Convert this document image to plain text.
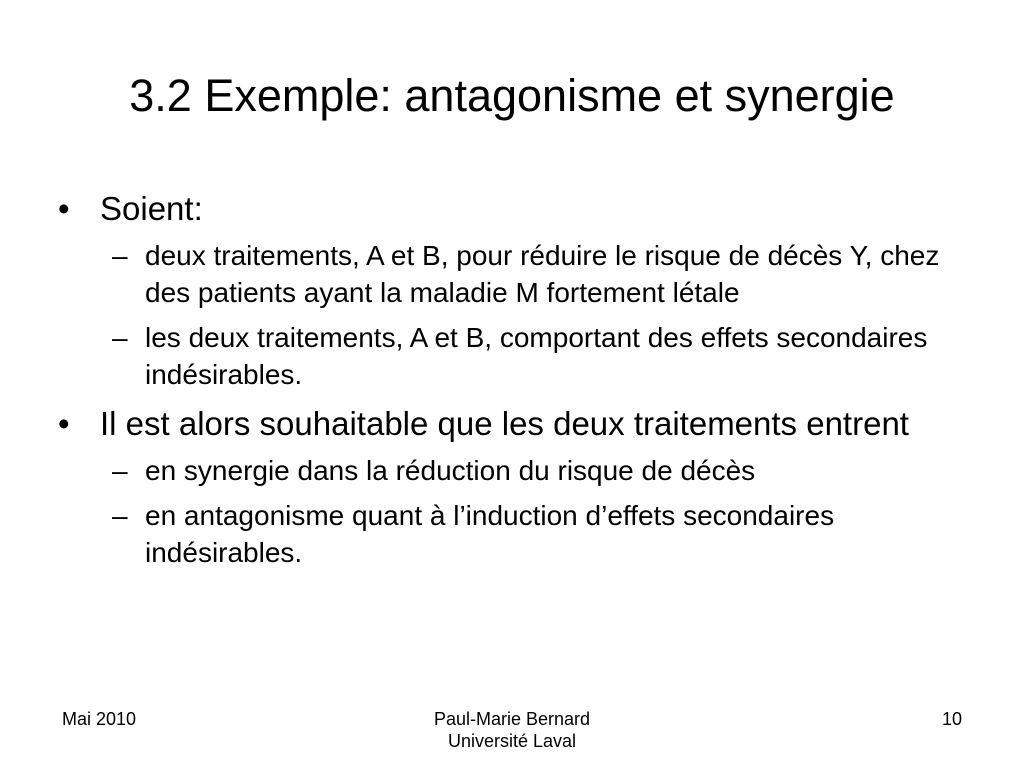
3.2 Exemple: antagonisme et synergie
• Soient:
– deux traitements, A et B, pour réduire le risque de décès Y, chez des patients ayant la maladie M fortement létale
– les deux traitements, A et B, comportant des effets secondaires indésirables.
• Il est alors souhaitable que les deux traitements entrent
– en synergie dans la réduction du risque de décès
– en antagonisme quant à l’induction d’effets secondaires indésirables.
Mai 2010	Paul-Marie Bernard
Université Laval
10
